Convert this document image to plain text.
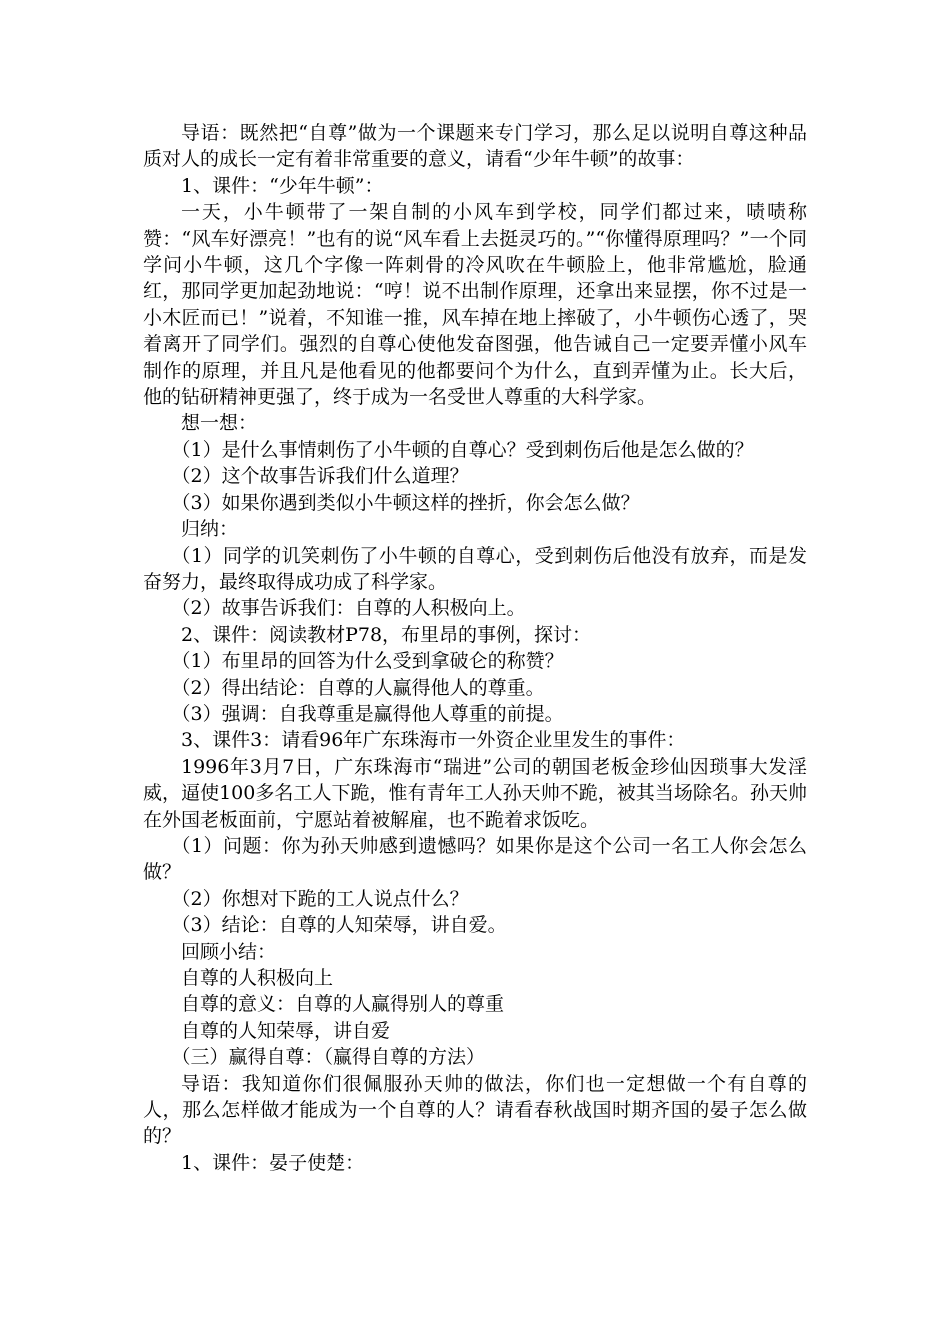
导语：既然把“自尊”做为一个课题来专门学习，那么足以说明自尊这种品质对人的成长一定有着非常重要的意义，请看“少年牛顿”的故事：

1、课件：“少年牛顿”：

一天，小牛顿带了一架自制的小风车到学校，同学们都过来，啧啧称赞：“风车好漂亮！”也有的说“风车看上去挺灵巧的。”“你懂得原理吗？”一个同学问小牛顿，这几个字像一阵刺骨的冷风吹在牛顿脸上，他非常尴尬，脸通红，那同学更加起劲地说：“哼！说不出制作原理，还拿出来显摆，你不过是一小木匠而已！”说着，不知谁一推，风车掉在地上摔破了，小牛顿伤心透了，哭着离开了同学们。强烈的自尊心使他发奋图强，他告诫自己一定要弄懂小风车制作的原理，并且凡是他看见的他都要问个为什么，直到弄懂为止。长大后，他的钻研精神更强了，终于成为一名受世人尊重的大科学家。

想一想：

（1）是什么事情刺伤了小牛顿的自尊心？受到刺伤后他是怎么做的？

（2）这个故事告诉我们什么道理？

（3）如果你遇到类似小牛顿这样的挫折，你会怎么做？

归纳：

（1）同学的讥笑刺伤了小牛顿的自尊心，受到刺伤后他没有放弃，而是发奋努力，最终取得成功成了科学家。

（2）故事告诉我们：自尊的人积极向上。

2、课件：阅读教材P78，布里昂的事例，探讨：

（1）布里昂的回答为什么受到拿破仑的称赞？

（2）得出结论：自尊的人赢得他人的尊重。

（3）强调：自我尊重是赢得他人尊重的前提。

3、课件3：请看96年广东珠海市一外资企业里发生的事件：

1996年3月7日，广东珠海市“瑞进”公司的朝国老板金珍仙因琐事大发淫威，逼使100多名工人下跪，惟有青年工人孙天帅不跪，被其当场除名。孙天帅在外国老板面前，宁愿站着被解雇，也不跪着求饭吃。

（1）问题：你为孙天帅感到遗憾吗？如果你是这个公司一名工人你会怎么做？

（2）你想对下跪的工人说点什么？

（3）结论：自尊的人知荣辱，讲自爱。

回顾小结：

自尊的人积极向上

自尊的意义：自尊的人赢得别人的尊重

自尊的人知荣辱，讲自爱

（三）赢得自尊：（赢得自尊的方法）

导语：我知道你们很佩服孙天帅的做法，你们也一定想做一个有自尊的人，那么怎样做才能成为一个自尊的人？请看春秋战国时期齐国的晏子怎么做的？

1、课件：晏子使楚：
